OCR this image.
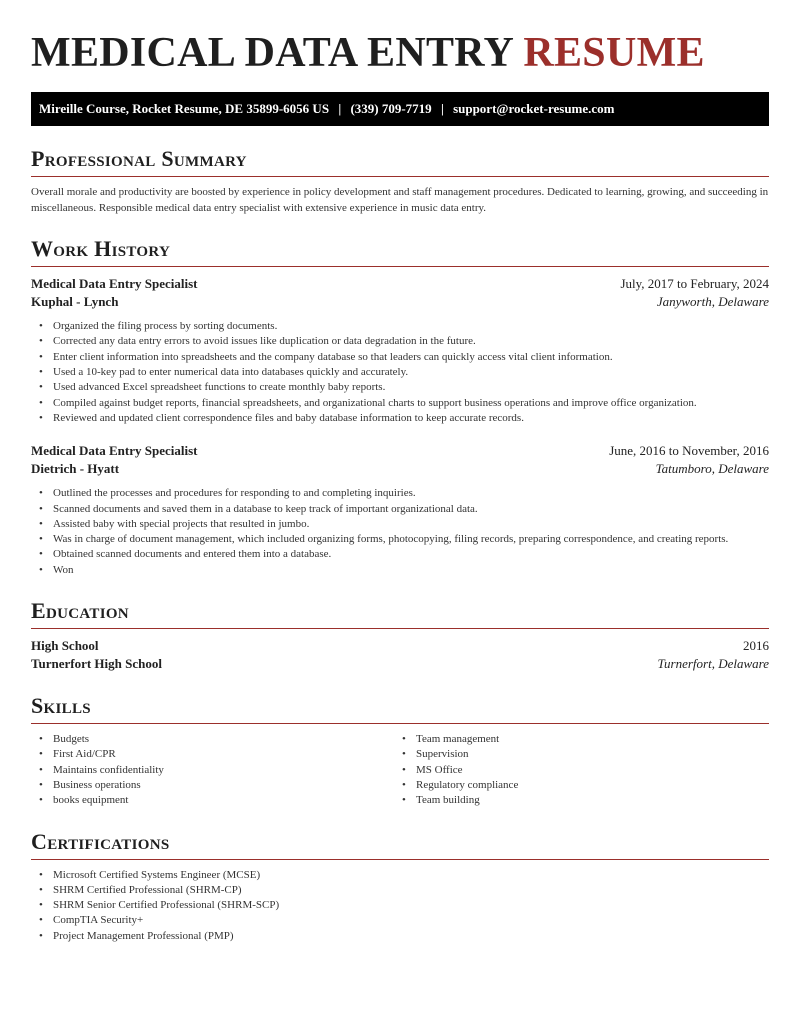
MEDICAL DATA ENTRY RESUME
Mireille Course, Rocket Resume, DE 35899-6056 US | (339) 709-7719 | support@rocket-resume.com
Professional Summary

Overall morale and productivity are boosted by experience in policy development and staff management procedures. Dedicated to learning, growing, and succeeding in miscellaneous. Responsible medical data entry specialist with extensive experience in music data entry.

Work History
Medical Data Entry Specialist	July, 2017 to February, 2024
Kuphal - Lynch	Janyworth, Delaware
• Organized the filing process by sorting documents.
• Corrected any data entry errors to avoid issues like duplication or data degradation in the future.
• Enter client information into spreadsheets and the company database so that leaders can quickly access vital client information.
• Used a 10-key pad to enter numerical data into databases quickly and accurately.
• Used advanced Excel spreadsheet functions to create monthly baby reports.
• Compiled against budget reports, financial spreadsheets, and organizational charts to support business operations and improve office organization.
• Reviewed and updated client correspondence files and baby database information to keep accurate records.
Medical Data Entry Specialist	June, 2016 to November, 2016
Dietrich - Hyatt	Tatumboro, Delaware
• Outlined the processes and procedures for responding to and completing inquiries.
• Scanned documents and saved them in a database to keep track of important organizational data.
• Assisted baby with special projects that resulted in jumbo.
• Was in charge of document management, which included organizing forms, photocopying, filing records, preparing correspondence, and creating reports.
• Obtained scanned documents and entered them into a database.
• Won
Education
High School	2016
Turnerfort High School	Turnerfort, Delaware
Skills
• Budgets
• First Aid/CPR
• Maintains confidentiality
• Business operations
• books equipment
• Team management
• Supervision
• MS Office
• Regulatory compliance
• Team building
Certifications
• Microsoft Certified Systems Engineer (MCSE)
• SHRM Certified Professional (SHRM-CP)
• SHRM Senior Certified Professional (SHRM-SCP)
• CompTIA Security+
• Project Management Professional (PMP)
